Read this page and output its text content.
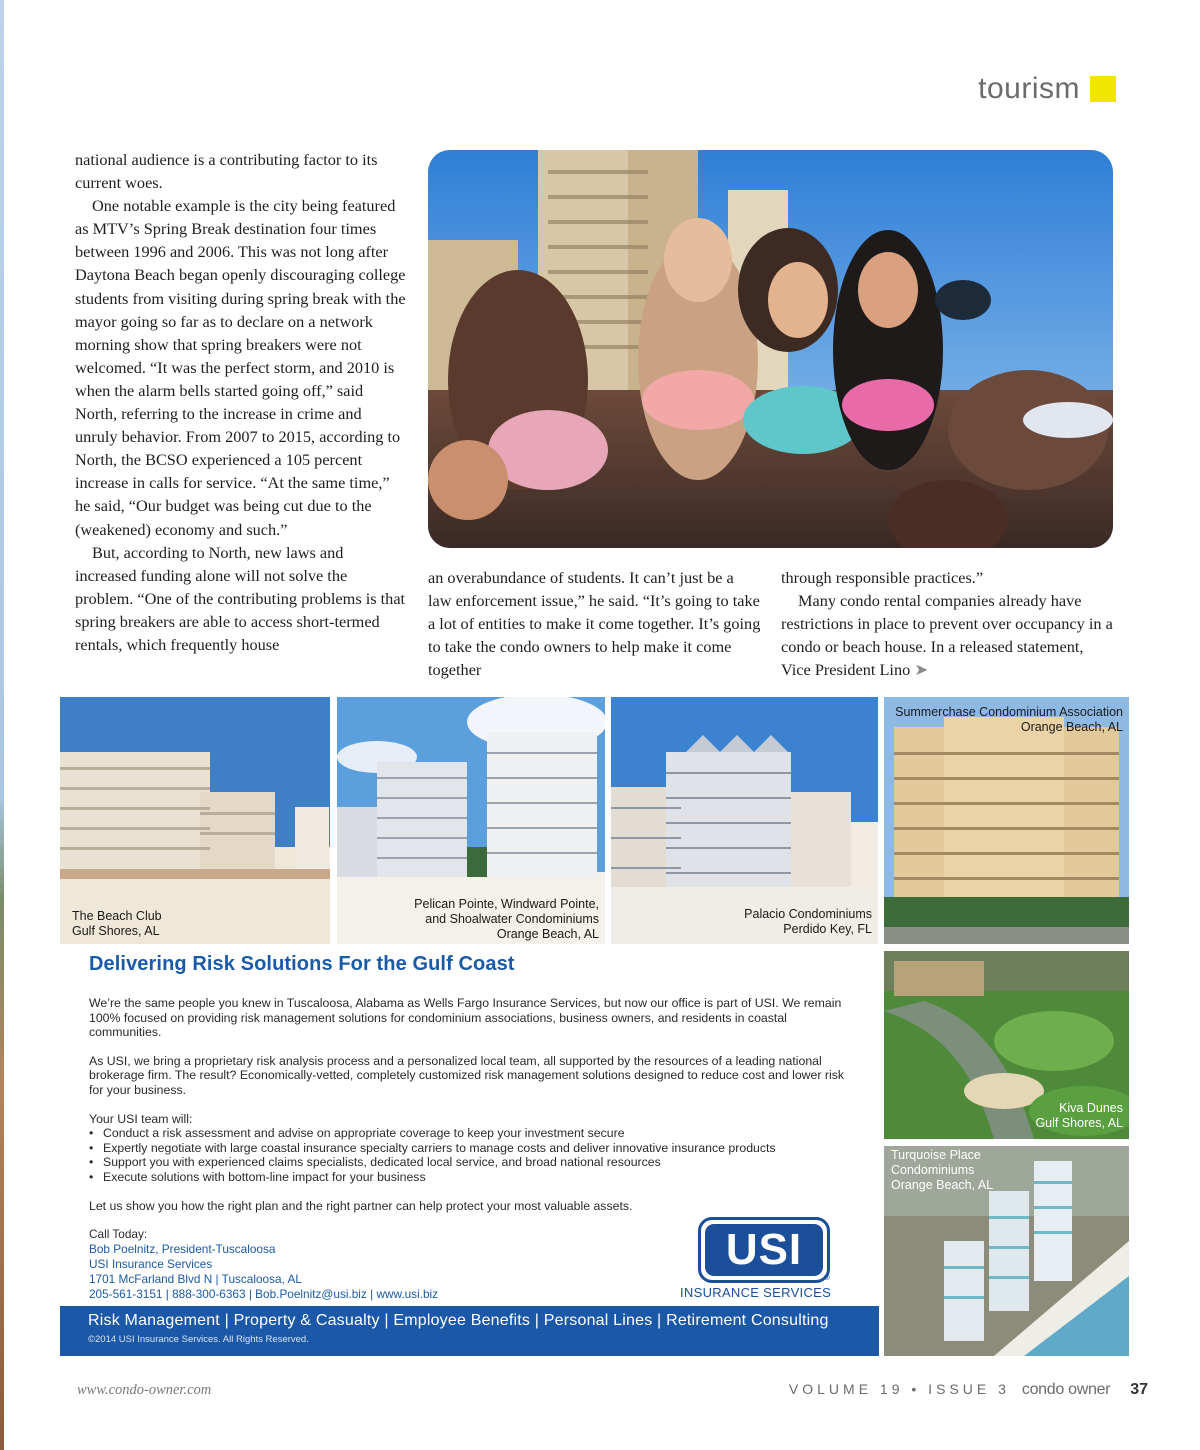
tourism

national audience is a contributing factor to its current woes.

One notable example is the city being featured as MTV’s Spring Break destination four times between 1996 and 2006. This was not long after Daytona Beach began openly discouraging college students from visiting during spring break with the mayor going so far as to declare on a network morning show that spring breakers were not welcomed. “It was the perfect storm, and 2010 is when the alarm bells started going off,” said North, referring to the increase in crime and unruly behavior. From 2007 to 2015, according to North, the BCSO experienced a 105 percent increase in calls for service. “At the same time,” he said, “Our budget was being cut due to the (weakened) economy and such.”

But, according to North, new laws and increased funding alone will not solve the problem. “One of the contributing problems is that spring breakers are able to access short-termed rentals, which frequently house

an overabundance of students. It can’t just be a law enforcement issue,” he said. “It’s going to take a lot of entities to make it come together. It’s going to take the condo owners to help make it come together

through responsible practices.”

Many condo rental companies already have restrictions in place to prevent over occupancy in a condo or beach house. In a released statement, Vice President Lino ➤

The Beach Club
Gulf Shores, AL
Pelican Pointe, Windward Pointe,
and Shoalwater Condominiums
Orange Beach, AL
Palacio Condominiums
Perdido Key, FL
Summerchase Condominium Association
Orange Beach, AL
Kiva Dunes
Gulf Shores, AL
Turquoise Place
Condominiums
Orange Beach, AL
Delivering Risk Solutions For the Gulf Coast

We’re the same people you knew in Tuscaloosa, Alabama as Wells Fargo Insurance Services, but now our office is part of USI. We remain 100% focused on providing risk management solutions for condominium associations, business owners, and residents in coastal communities.

As USI, we bring a proprietary risk analysis process and a personalized local team, all supported by the resources of a leading national brokerage firm. The result? Economically-vetted, completely customized risk management solutions designed to reduce cost and lower risk for your business.

Your USI team will:

• Conduct a risk assessment and advise on appropriate coverage to keep your investment secure
• Expertly negotiate with large coastal insurance specialty carriers to manage costs and deliver innovative insurance products
• Support you with experienced claims specialists, dedicated local service, and broad national resources
• Execute solutions with bottom-line impact for your business

Let us show you how the right plan and the right partner can help protect your most valuable assets.

Call Today:
Bob Poelnitz, President-Tuscaloosa
USI Insurance Services
1701 McFarland Blvd N | Tuscaloosa, AL
205-561-3151 | 888-300-6363 | Bob.Poelnitz@usi.biz | www.usi.biz
USI
®
INSURANCE SERVICES
Risk Management | Property & Casualty | Employee Benefits | Personal Lines | Retirement Consulting
©2014 USI Insurance Services. All Rights Reserved.
www.condo-owner.com	VOLUME 19 • ISSUE 3 condo owner 37
